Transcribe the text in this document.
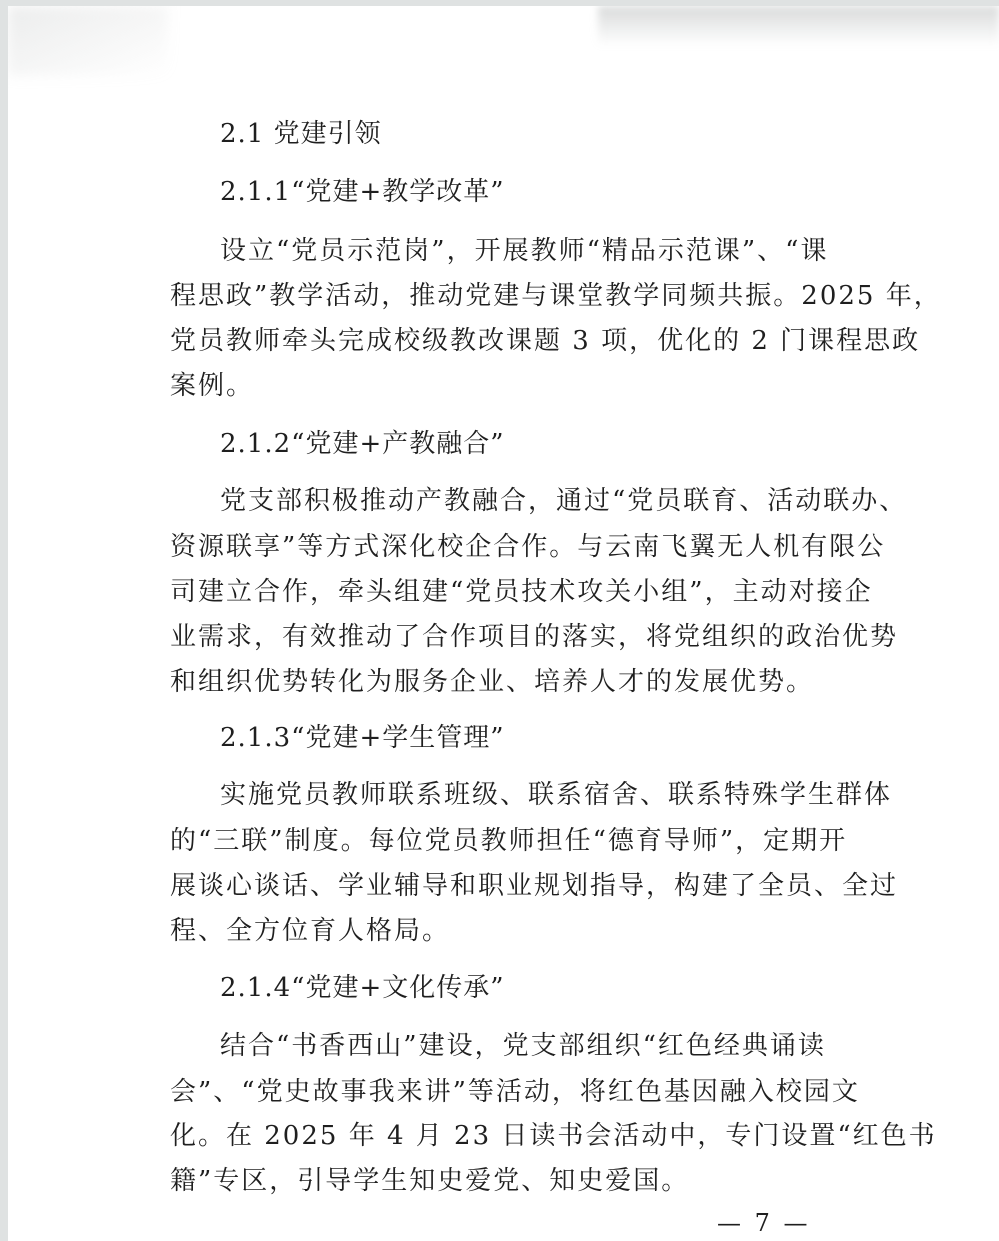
2.1 党建引领

2.1.1“党建+教学改革”

设立“党员示范岗”，开展教师“精品示范课”、“课

程思政”教学活动，推动党建与课堂教学同频共振。2025 年，

党员教师牵头完成校级教改课题 3 项，优化的 2 门课程思政

案例。

2.1.2“党建+产教融合”

党支部积极推动产教融合，通过“党员联育、活动联办、

资源联享”等方式深化校企合作。与云南飞翼无人机有限公

司建立合作，牵头组建“党员技术攻关小组”，主动对接企

业需求，有效推动了合作项目的落实，将党组织的政治优势

和组织优势转化为服务企业、培养人才的发展优势。

2.1.3“党建+学生管理”

实施党员教师联系班级、联系宿舍、联系特殊学生群体

的“三联”制度。每位党员教师担任“德育导师”，定期开

展谈心谈话、学业辅导和职业规划指导，构建了全员、全过

程、全方位育人格局。

2.1.4“党建+文化传承”

结合“书香西山”建设，党支部组织“红色经典诵读

会”、“党史故事我来讲”等活动，将红色基因融入校园文

化。在 2025 年 4 月 23 日读书会活动中，专门设置“红色书

籍”专区，引导学生知史爱党、知史爱国。

— 7 —
